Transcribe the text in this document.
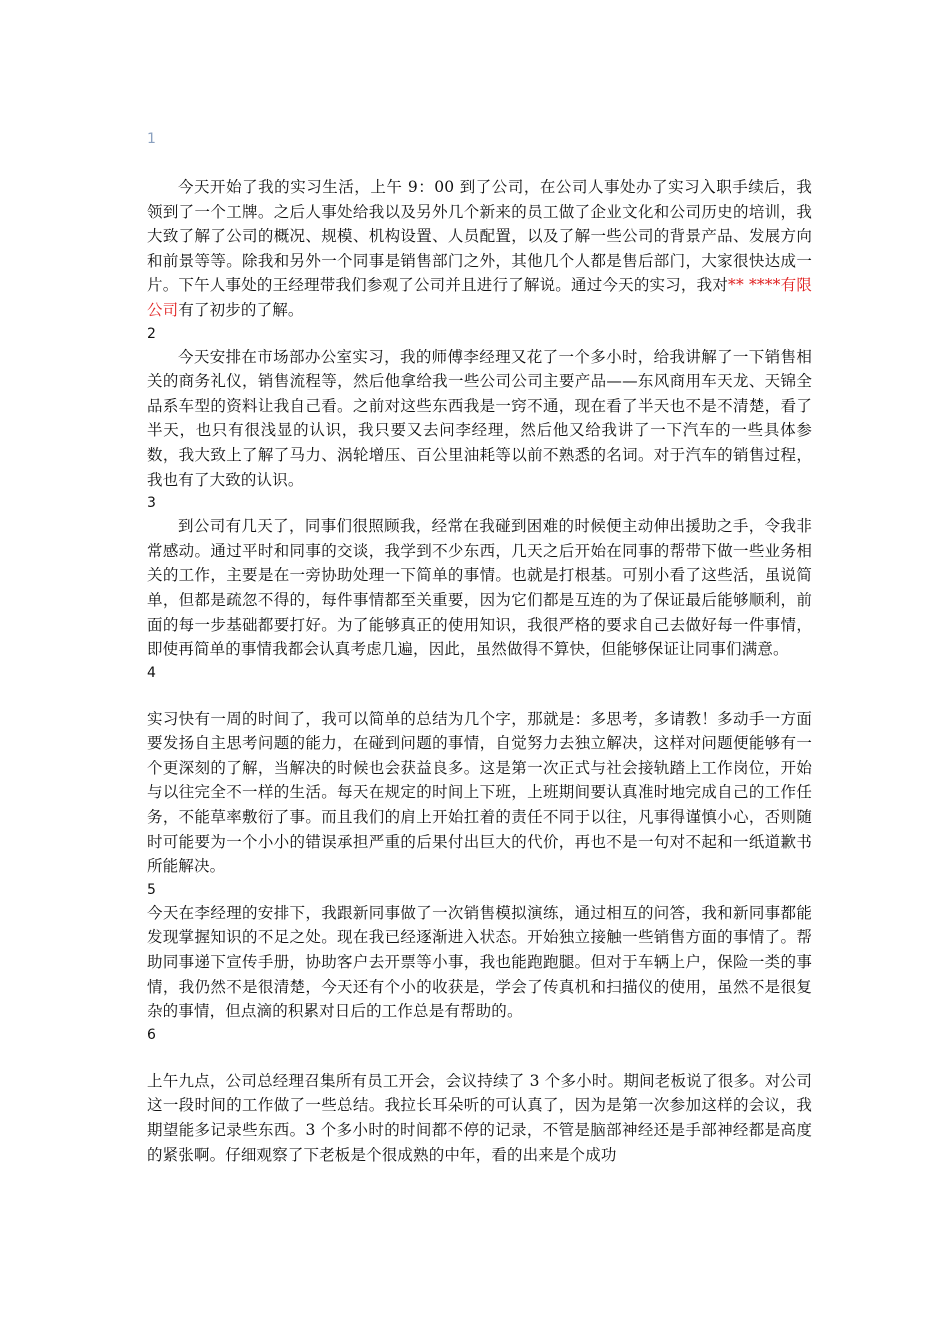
1

今天开始了我的实习生活，上午 9：00 到了公司，在公司人事处办了实习入职手续后，我领到了一个工牌。之后人事处给我以及另外几个新来的员工做了企业文化和公司历史的培训，我大致了解了公司的概况、规模、机构设置、人员配置，以及了解一些公司的背景产品、发展方向和前景等等。除我和另外一个同事是销售部门之外，其他几个人都是售后部门，大家很快达成一片。下午人事处的王经理带我们参观了公司并且进行了解说。通过今天的实习，我对** ****有限公司有了初步的了解。

2

今天安排在市场部办公室实习，我的师傅李经理又花了一个多小时，给我讲解了一下销售相关的商务礼仪，销售流程等，然后他拿给我一些公司公司主要产品——东风商用车天龙、天锦全品系车型的资料让我自己看。之前对这些东西我是一窍不通，现在看了半天也不是不清楚，看了半天，也只有很浅显的认识，我只要又去问李经理，然后他又给我讲了一下汽车的一些具体参数，我大致上了解了马力、涡轮增压、百公里油耗等以前不熟悉的名词。对于汽车的销售过程，我也有了大致的认识。

3

到公司有几天了，同事们很照顾我，经常在我碰到困难的时候便主动伸出援助之手，令我非常感动。通过平时和同事的交谈，我学到不少东西，几天之后开始在同事的帮带下做一些业务相关的工作，主要是在一旁协助处理一下简单的事情。也就是打根基。可别小看了这些活，虽说简单，但都是疏忽不得的，每件事情都至关重要，因为它们都是互连的为了保证最后能够顺利，前面的每一步基础都要打好。为了能够真正的使用知识，我很严格的要求自己去做好每一件事情，即使再简单的事情我都会认真考虑几遍，因此，虽然做得不算快，但能够保证让同事们满意。

4

实习快有一周的时间了，我可以简单的总结为几个字，那就是：多思考，多请教！多动手一方面要发扬自主思考问题的能力，在碰到问题的事情，自觉努力去独立解决，这样对问题便能够有一个更深刻的了解，当解决的时候也会获益良多。这是第一次正式与社会接轨踏上工作岗位，开始与以往完全不一样的生活。每天在规定的时间上下班，上班期间要认真准时地完成自己的工作任务，不能草率敷衍了事。而且我们的肩上开始扛着的责任不同于以往，凡事得谨慎小心，否则随时可能要为一个小小的错误承担严重的后果付出巨大的代价，再也不是一句对不起和一纸道歉书所能解决。

5

今天在李经理的安排下，我跟新同事做了一次销售模拟演练，通过相互的问答，我和新同事都能发现掌握知识的不足之处。现在我已经逐渐进入状态。开始独立接触一些销售方面的事情了。帮助同事递下宣传手册，协助客户去开票等小事，我也能跑跑腿。但对于车辆上户，保险一类的事情，我仍然不是很清楚，今天还有个小的收获是，学会了传真机和扫描仪的使用，虽然不是很复杂的事情，但点滴的积累对日后的工作总是有帮助的。

6

上午九点，公司总经理召集所有员工开会，会议持续了 3 个多小时。期间老板说了很多。对公司这一段时间的工作做了一些总结。我拉长耳朵听的可认真了，因为是第一次参加这样的会议，我期望能多记录些东西。3 个多小时的时间都不停的记录，不管是脑部神经还是手部神经都是高度的紧张啊。仔细观察了下老板是个很成熟的中年，看的出来是个成功
